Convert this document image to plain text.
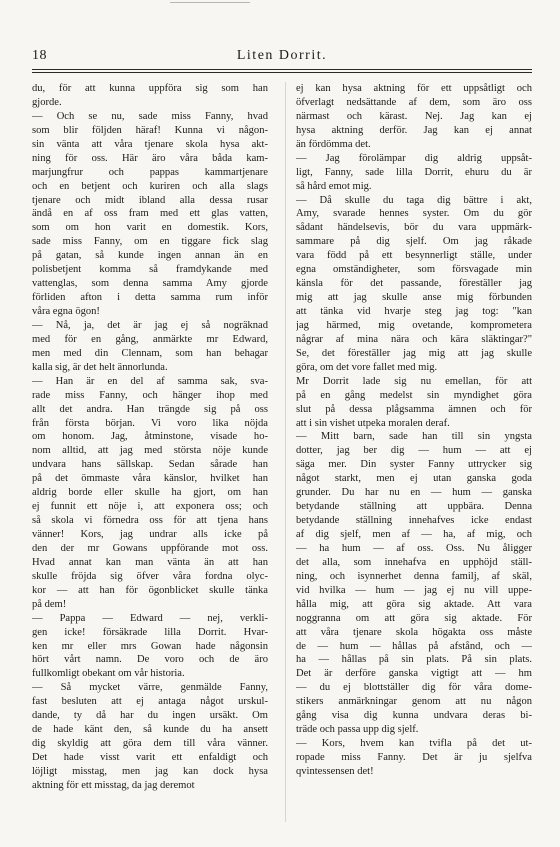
18	Liten Dorrit.
du, för att kunna uppföra sig som han
gjorde.
— Och se nu, sade miss Fanny, hvad
som blir följden häraf! Kunna vi någon-
sin vänta att våra tjenare skola hysa akt-
ning för oss. Här äro våra båda kam-
marjungfrur och pappas kammartjenare
och en betjent och kuriren och alla slags
tjenare och midt ibland alla dessa rusar
ändå en af oss fram med ett glas vatten,
som om hon varit en domestik. Kors,
sade miss Fanny, om en tiggare fick slag
på gatan, så kunde ingen annan än en
polisbetjent komma så framdykande med
vattenglas, som denna samma Amy gjorde
förliden afton i detta samma rum inför
våra egna ögon!
— Nå, ja, det är jag ej så nogräknad
med för en gång, anmärkte mr Edward,
men med din Clennam, som han behagar
kalla sig, är det helt ännorlunda.
— Han är en del af samma sak, sva-
rade miss Fanny, och hänger ihop med
allt det andra. Han trängde sig på oss
från första början. Vi voro lika nöjda
om honom. Jag, åtminstone, visade ho-
nom alltid, att jag med största nöje kunde
undvara hans sällskap. Sedan sårade han
på det ömmaste våra känslor, hvilket han
aldrig borde eller skulle ha gjort, om han
ej funnit ett nöje i, att exponera oss; och
så skola vi förnedra oss för att tjena hans
vänner! Kors, jag undrar alls icke på
den der mr Gowans uppförande mot oss.
Hvad annat kan man vänta än att han
skulle fröjda sig öfver våra fordna olyc-
kor — att han för ögonblicket skulle tänka
på dem!
— Pappa — Edward — nej, verkli-
gen icke! försäkrade lilla Dorrit. Hvar-
ken mr eller mrs Gowan hade någonsin
hört vårt namn. De voro och de äro
fullkomligt obekant om vår historia.
— Så mycket värre, genmälde Fanny,
fast besluten att ej antaga något urskul-
dande, ty då har du ingen ursäkt. Om
de hade känt den, så kunde du ha ansett
dig skyldig att göra dem till våra vänner.
Det hade visst varit ett enfaldigt och
löjligt misstag, men jag kan dock hysa
aktning för ett misstag, da jag deremot
ej kan hysa aktning för ett uppsåtligt och
öfverlagt nedsättande af dem, som äro oss
närmast och kärast. Nej. Jag kan ej
hysa aktning derför. Jag kan ej annat
än fördömma det.
— Jag förolämpar dig aldrig uppsåt-
ligt, Fanny, sade lilla Dorrit, ehuru du är
så hård emot mig.
— Då skulle du taga dig bättre i akt,
Amy, svarade hennes syster. Om du gör
sådant händelsevis, bör du vara uppmärk-
sammare på dig sjelf. Om jag råkade
vara född på ett besynnerligt ställe, under
egna omständigheter, som försvagade min
känsla för det passande, föreställer jag
mig att jag skulle anse mig förbunden
att tänka vid hvarje steg jag tog: "kan
jag härmed, mig ovetande, komprometera
någrar af mina nära och kära släktingar?"
Se, det föreställer jag mig att jag skulle
göra, om det vore fallet med mig.
Mr Dorrit lade sig nu emellan, för att
på en gång medelst sin myndighet göra
slut på dessa plågsamma ämnen och för
att i sin vishet utpeka moralen deraf.
— Mitt barn, sade han till sin yngsta
dotter, jag ber dig — hum — att ej
säga mer. Din syster Fanny uttrycker sig
något starkt, men ej utan ganska goda
grunder. Du har nu en — hum — ganska
betydande ställning att uppbära. Denna
betydande ställning innehafves icke endast
af dig sjelf, men af — ha, af mig, och
— ha hum — af oss. Oss. Nu åligger
det alla, som innehafva en upphöjd ställ-
ning, och isynnerhet denna familj, af skäl,
vid hvilka — hum — jag ej nu vill uppe-
hålla mig, att göra sig aktade. Att vara
noggranna om att göra sig aktade. För
att våra tjenare skola högakta oss måste
de — hum — hållas på afstånd, och —
ha — hållas på sin plats. På sin plats.
Det är derföre ganska vigtigt att — hm
— du ej blottställer dig för våra dome-
stikers anmärkningar genom att nu någon
gång visa dig kunna undvara deras bi-
träde och passa upp dig sjelf.
— Kors, hvem kan tvifla på det ut-
ropade miss Fanny. Det är ju sjelfva
qvintessensen det!
